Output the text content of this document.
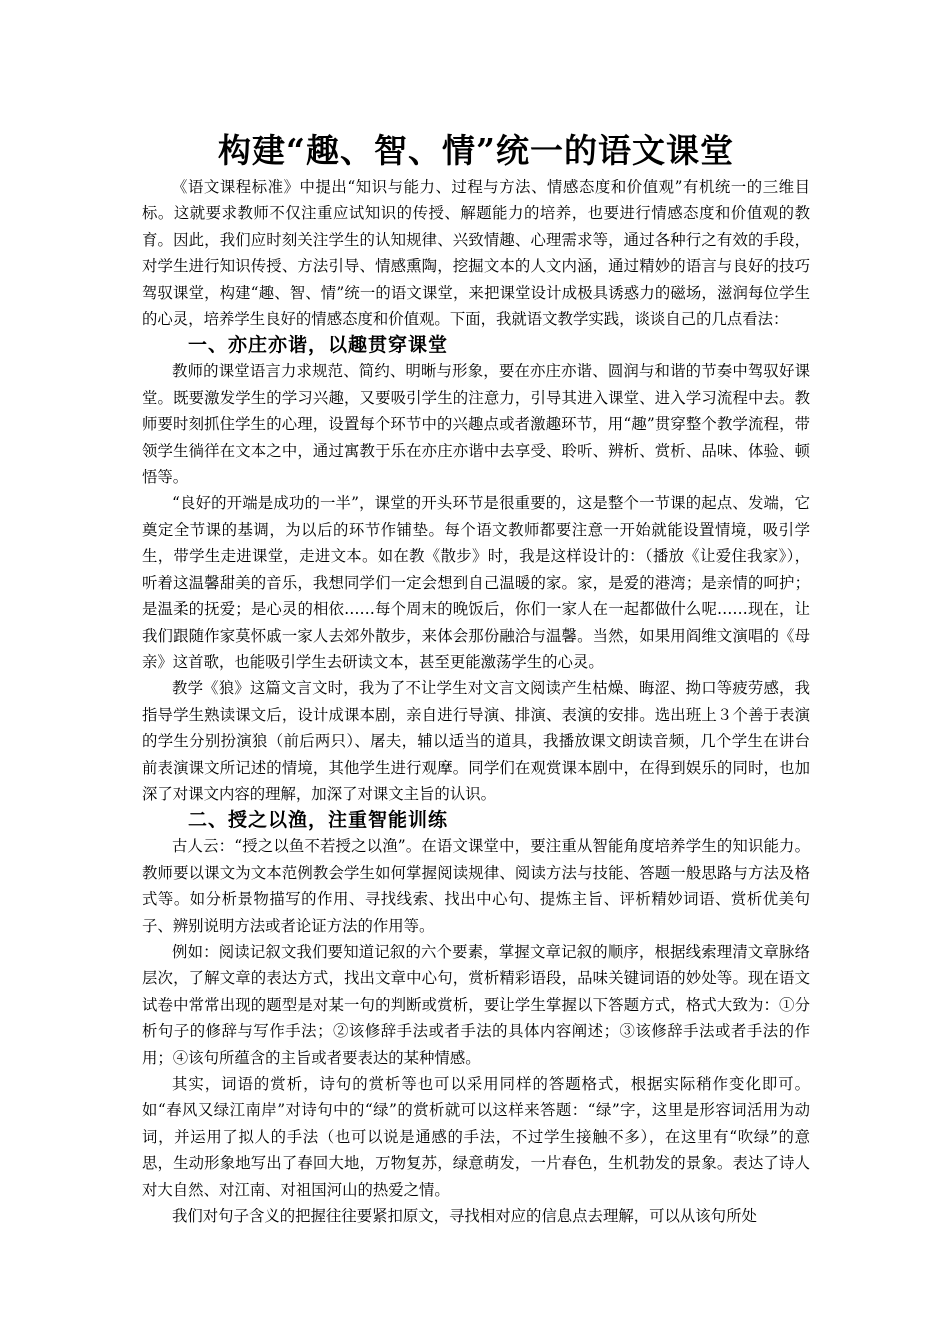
构建“趣、智、情”统一的语文课堂

《语文课程标准》中提出“知识与能力、过程与方法、情感态度和价值观”有机统一的三维目标。这就要求教师不仅注重应试知识的传授、解题能力的培养，也要进行情感态度和价值观的教育。因此，我们应时刻关注学生的认知规律、兴致情趣、心理需求等，通过各种行之有效的手段，对学生进行知识传授、方法引导、情感熏陶，挖掘文本的人文内涵，通过精妙的语言与良好的技巧驾驭课堂，构建“趣、智、情”统一的语文课堂，来把课堂设计成极具诱惑力的磁场，滋润每位学生的心灵，培养学生良好的情感态度和价值观。下面，我就语文教学实践，谈谈自己的几点看法：

一、亦庄亦谐，以趣贯穿课堂

教师的课堂语言力求规范、简约、明晰与形象，要在亦庄亦谐、圆润与和谐的节奏中驾驭好课堂。既要激发学生的学习兴趣，又要吸引学生的注意力，引导其进入课堂、进入学习流程中去。教师要时刻抓住学生的心理，设置每个环节中的兴趣点或者激趣环节，用“趣”贯穿整个教学流程，带领学生徜徉在文本之中，通过寓教于乐在亦庄亦谐中去享受、聆听、辨析、赏析、品味、体验、顿悟等。

“良好的开端是成功的一半”，课堂的开头环节是很重要的，这是整个一节课的起点、发端，它奠定全节课的基调，为以后的环节作铺垫。每个语文教师都要注意一开始就能设置情境，吸引学生，带学生走进课堂，走进文本。如在教《散步》时，我是这样设计的：（播放《让爱住我家》），听着这温馨甜美的音乐，我想同学们一定会想到自己温暖的家。家，是爱的港湾；是亲情的呵护；是温柔的抚爱；是心灵的相依……每个周末的晚饭后，你们一家人在一起都做什么呢……现在，让我们跟随作家莫怀戚一家人去郊外散步，来体会那份融洽与温馨。当然，如果用阎维文演唱的《母亲》这首歌，也能吸引学生去研读文本，甚至更能激荡学生的心灵。

教学《狼》这篇文言文时，我为了不让学生对文言文阅读产生枯燥、晦涩、拗口等疲劳感，我指导学生熟读课文后，设计成课本剧，亲自进行导演、排演、表演的安排。选出班上３个善于表演的学生分别扮演狼（前后两只）、屠夫，辅以适当的道具，我播放课文朗读音频，几个学生在讲台前表演课文所记述的情境，其他学生进行观摩。同学们在观赏课本剧中，在得到娱乐的同时，也加深了对课文内容的理解，加深了对课文主旨的认识。

二、授之以渔，注重智能训练

古人云：“授之以鱼不若授之以渔”。在语文课堂中，要注重从智能角度培养学生的知识能力。教师要以课文为文本范例教会学生如何掌握阅读规律、阅读方法与技能、答题一般思路与方法及格式等。如分析景物描写的作用、寻找线索、找出中心句、提炼主旨、评析精妙词语、赏析优美句子、辨别说明方法或者论证方法的作用等。

例如：阅读记叙文我们要知道记叙的六个要素，掌握文章记叙的顺序，根据线索理清文章脉络层次，了解文章的表达方式，找出文章中心句，赏析精彩语段，品味关键词语的妙处等。现在语文试卷中常常出现的题型是对某一句的判断或赏析，要让学生掌握以下答题方式，格式大致为：①分析句子的修辞与写作手法；②该修辞手法或者手法的具体内容阐述；③该修辞手法或者手法的作用；④该句所蕴含的主旨或者要表达的某种情感。

其实，词语的赏析，诗句的赏析等也可以采用同样的答题格式，根据实际稍作变化即可。如“春风又绿江南岸”对诗句中的“绿”的赏析就可以这样来答题：“绿”字，这里是形容词活用为动词，并运用了拟人的手法（也可以说是通感的手法，不过学生接触不多），在这里有“吹绿”的意思，生动形象地写出了春回大地，万物复苏，绿意萌发，一片春色，生机勃发的景象。表达了诗人对大自然、对江南、对祖国河山的热爱之情。

我们对句子含义的把握往往要紧扣原文，寻找相对应的信息点去理解，可以从该句所处
